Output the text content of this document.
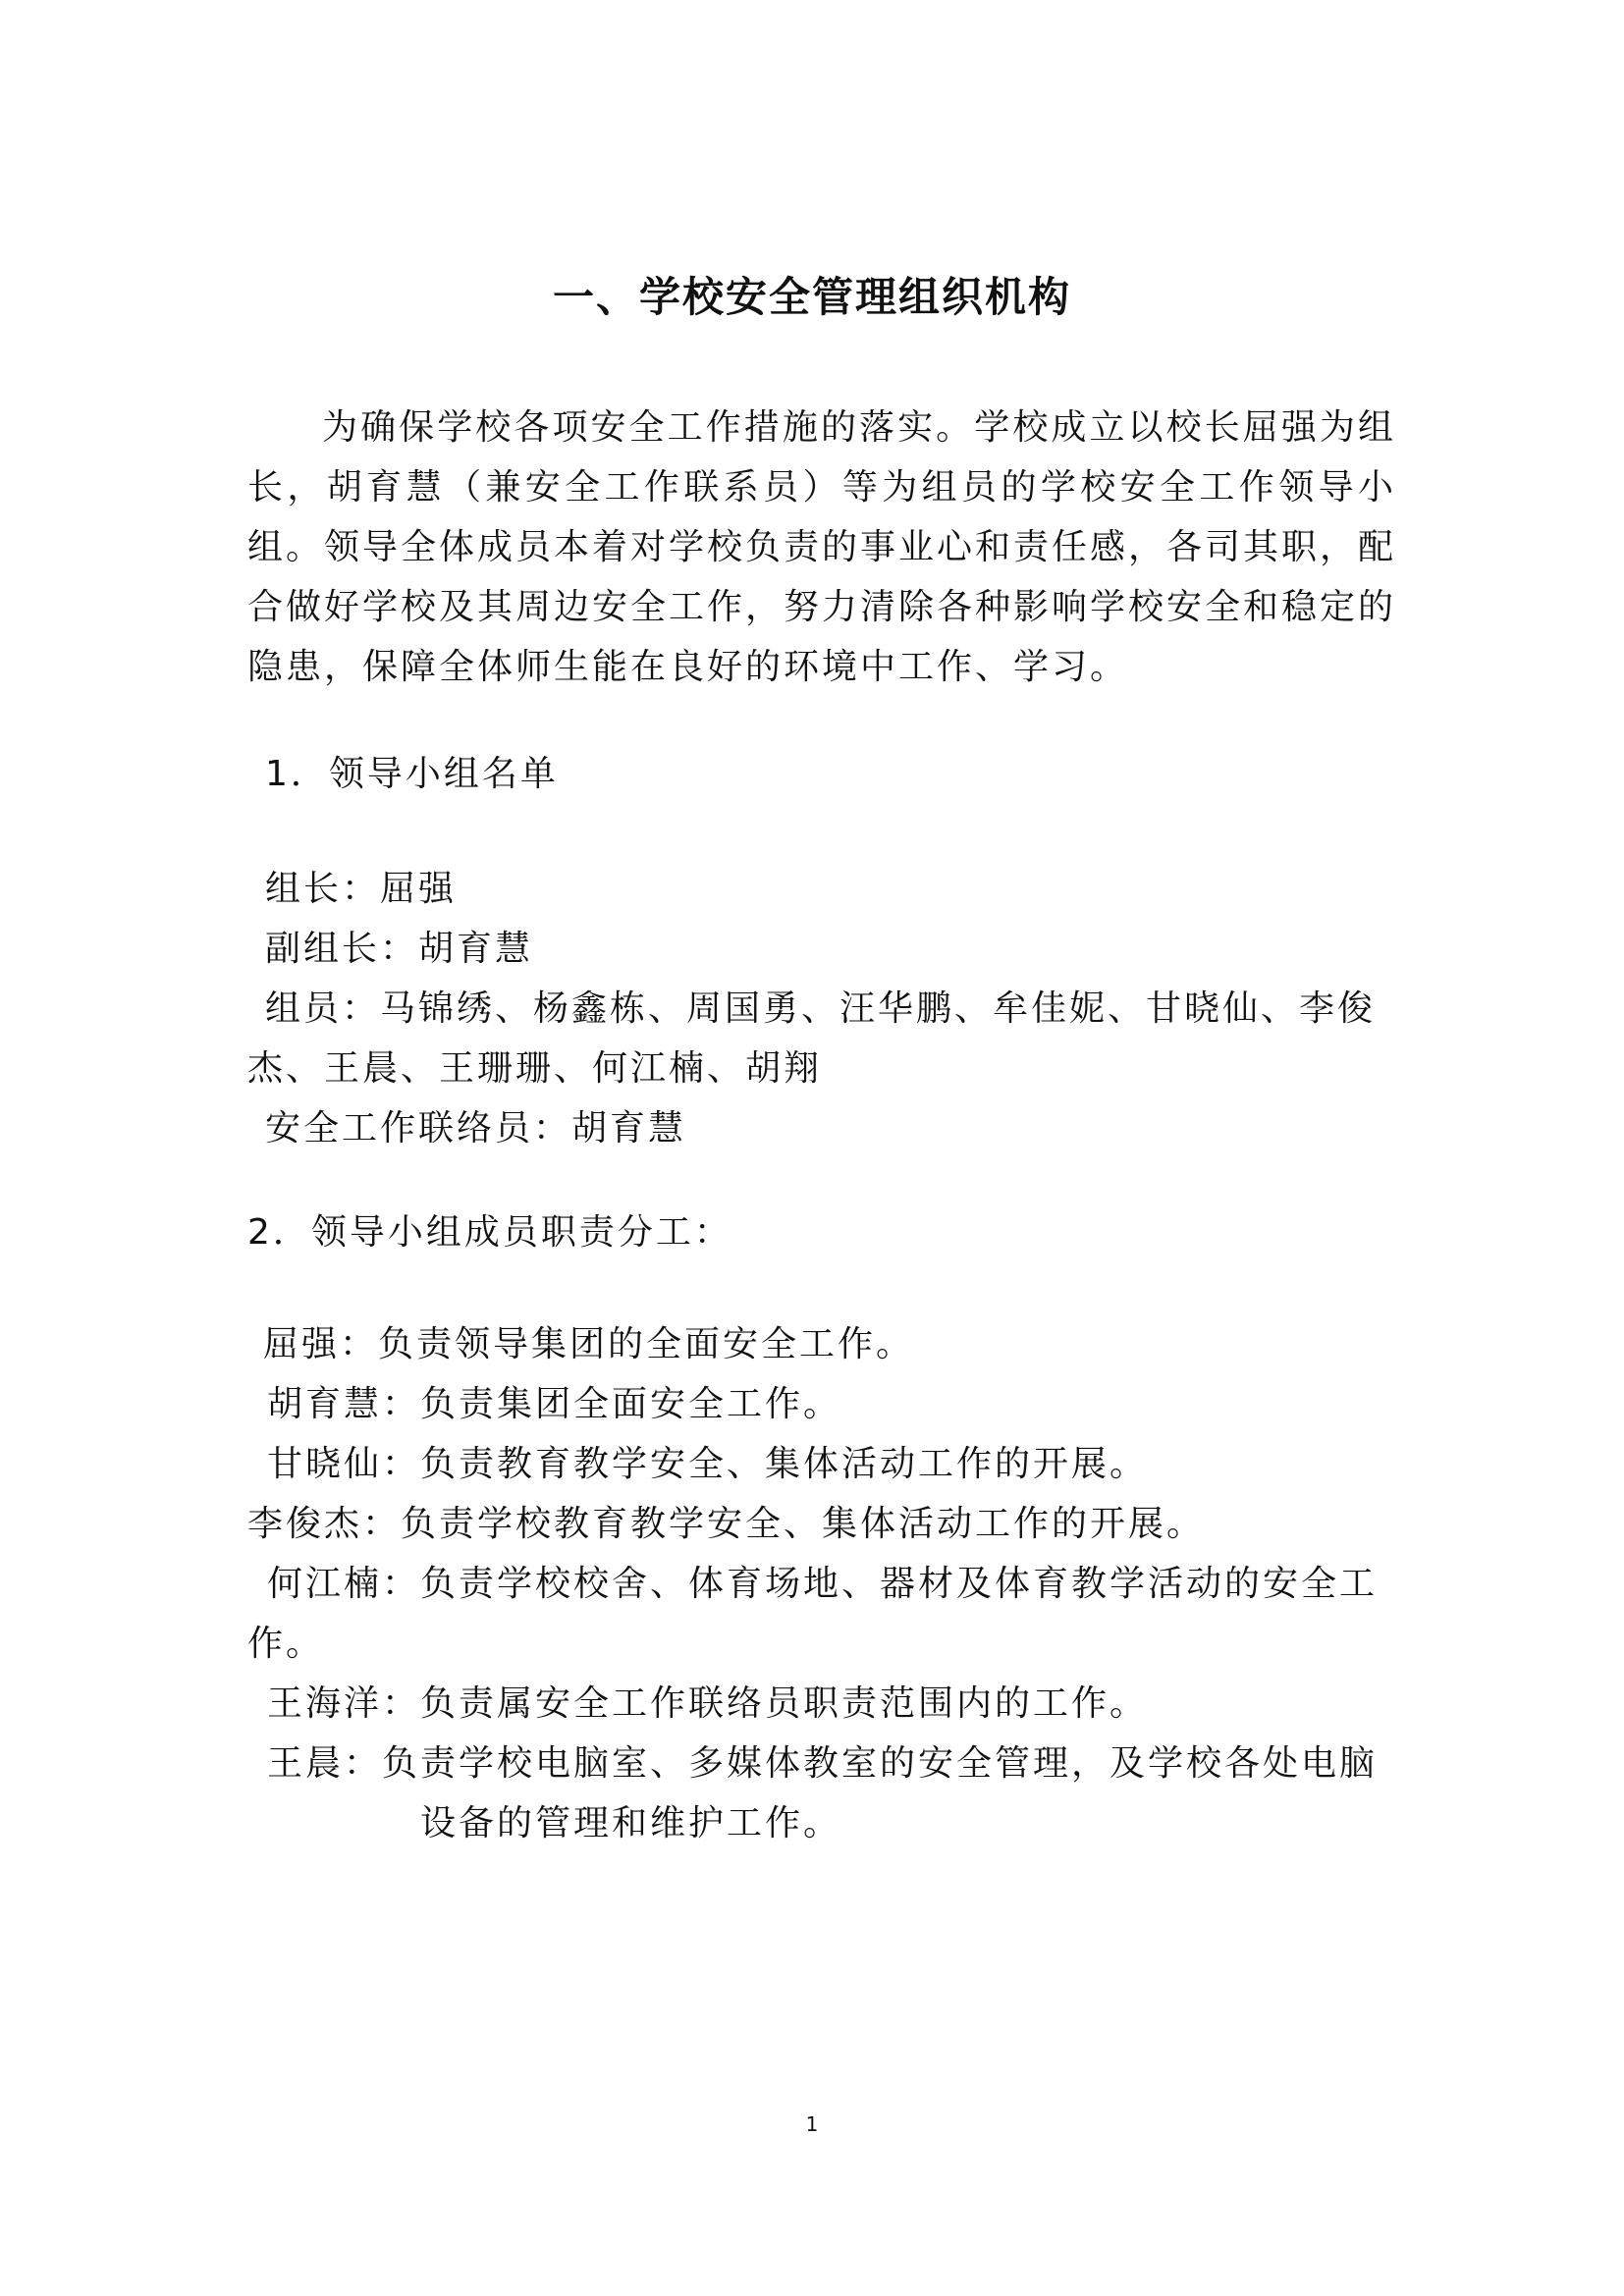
一、学校安全管理组织机构
为确保学校各项安全工作措施的落实。学校成立以校长屈强为组长，胡育慧（兼安全工作联系员）等为组员的学校安全工作领导小组。领导全体成员本着对学校负责的事业心和责任感，各司其职，配合做好学校及其周边安全工作，努力清除各种影响学校安全和稳定的隐患，保障全体师生能在良好的环境中工作、学习。
1．领导小组名单
组长：屈强
副组长：胡育慧
组员：马锦绣、杨鑫栋、周国勇、汪华鹏、牟佳妮、甘晓仙、李俊
杰、王晨、王珊珊、何江楠、胡翔
安全工作联络员：胡育慧
2．领导小组成员职责分工：
屈强：负责领导集团的全面安全工作。
胡育慧：负责集团全面安全工作。
甘晓仙：负责教育教学安全、集体活动工作的开展。
李俊杰：负责学校教育教学安全、集体活动工作的开展。
何江楠：负责学校校舍、体育场地、器材及体育教学活动的安全工
作。
王海洋：负责属安全工作联络员职责范围内的工作。
王晨：负责学校电脑室、多媒体教室的安全管理，及学校各处电脑
设备的管理和维护工作。
1
